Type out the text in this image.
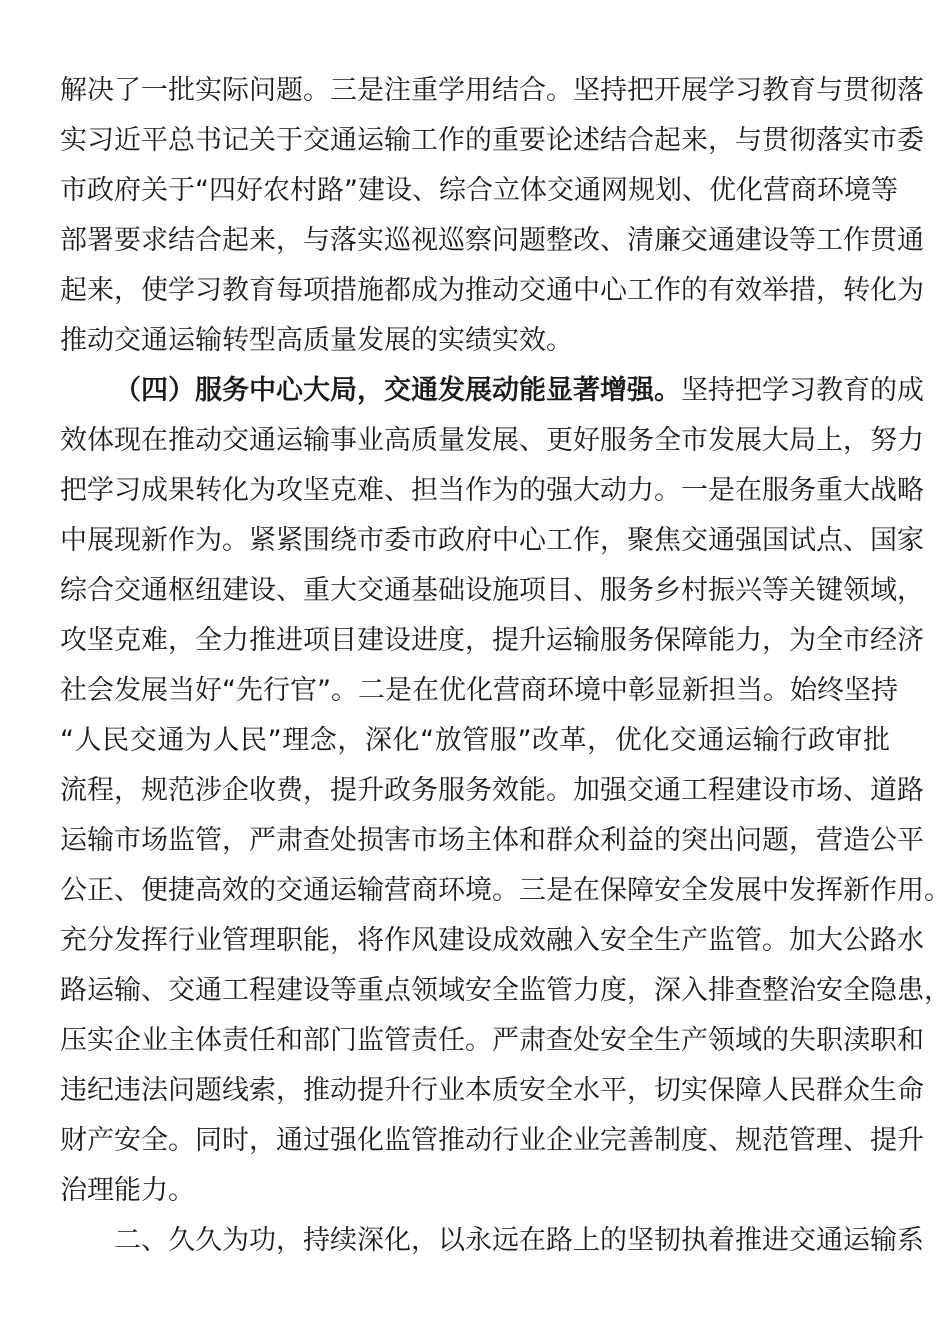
解决了一批实际问题。三是注重学用结合。坚持把开展学习教育与贯彻落
实习近平总书记关于交通运输工作的重要论述结合起来，与贯彻落实市委
市政府关于“四好农村路”建设、综合立体交通网规划、优化营商环境等
部署要求结合起来，与落实巡视巡察问题整改、清廉交通建设等工作贯通
起来，使学习教育每项措施都成为推动交通中心工作的有效举措，转化为
推动交通运输转型高质量发展的实绩实效。
（四）服务中心大局，交通发展动能显著增强。坚持把学习教育的成
效体现在推动交通运输事业高质量发展、更好服务全市发展大局上，努力
把学习成果转化为攻坚克难、担当作为的强大动力。一是在服务重大战略
中展现新作为。紧紧围绕市委市政府中心工作，聚焦交通强国试点、国家
综合交通枢纽建设、重大交通基础设施项目、服务乡村振兴等关键领域，
攻坚克难，全力推进项目建设进度，提升运输服务保障能力，为全市经济
社会发展当好“先行官”。二是在优化营商环境中彰显新担当。始终坚持
“人民交通为人民”理念，深化“放管服”改革，优化交通运输行政审批
流程，规范涉企收费，提升政务服务效能。加强交通工程建设市场、道路
运输市场监管，严肃查处损害市场主体和群众利益的突出问题，营造公平
公正、便捷高效的交通运输营商环境。三是在保障安全发展中发挥新作用。
充分发挥行业管理职能，将作风建设成效融入安全生产监管。加大公路水
路运输、交通工程建设等重点领域安全监管力度，深入排查整治安全隐患，
压实企业主体责任和部门监管责任。严肃查处安全生产领域的失职渎职和
违纪违法问题线索，推动提升行业本质安全水平，切实保障人民群众生命
财产安全。同时，通过强化监管推动行业企业完善制度、规范管理、提升
治理能力。
二、久久为功，持续深化，以永远在路上的坚韧执着推进交通运输系
